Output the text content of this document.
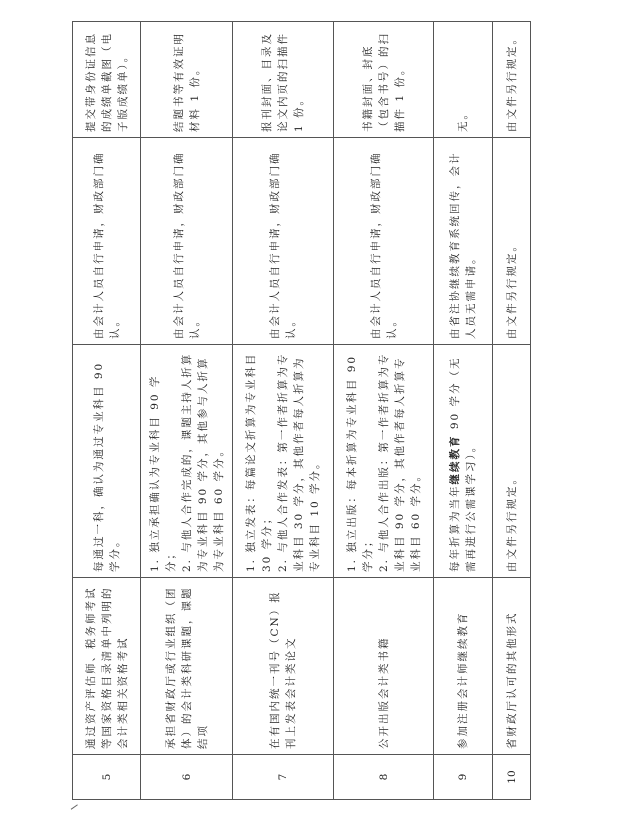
5	通过资产评估师、税务师考试等国家资格目录清单中列明的会计类相关资格考试	每通过一科，确认为通过专业科目 90 学分。	由会计人员自行申请，财政部门确认。	提交带身份证信息的成绩单截图（电子版成绩单）。
6	承担省财政厅或行业组织（团体）的会计类科研课题，课题结项	1. 独立承担确认为专业科目 90 学分； 2. 与他人合作完成的，课题主持人折算为专业科目 90 学分，其他参与人折算为专业科目 60 学分。	由会计人员自行申请，财政部门确认。	结题书等有效证明材料 1 份。
7	在有国内统一刊号（CN）报刊上发表会计类论文	1. 独立发表：每篇论文折算为专业科目 30 学分； 2. 与他人合作发表：第一作者折算为专业科目 30 学分，其他作者每人折算为专业科目 10 学分。	由会计人员自行申请，财政部门确认。	报刊封面、目录及论文内页的扫描件 1 份。
8	公开出版会计类书籍	1. 独立出版：每本折算为专业科目 90 学分； 2. 与他人合作出版：第一作者折算为专业科目 90 学分，其他作者每人折算专业科目 60 学分。	由会计人员自行申请，财政部门确认。	书籍封面、封底（包含书号）的扫描件 1 份。
9	参加注册会计师继续教育	每年折算为当年继续教育 90 学分（无需再进行公需课学习）。	由省注协继续教育系统回传，会计人员无需申请。	无。
10	省财政厅认可的其他形式	由文件另行规定。	由文件另行规定。	由文件另行规定。
